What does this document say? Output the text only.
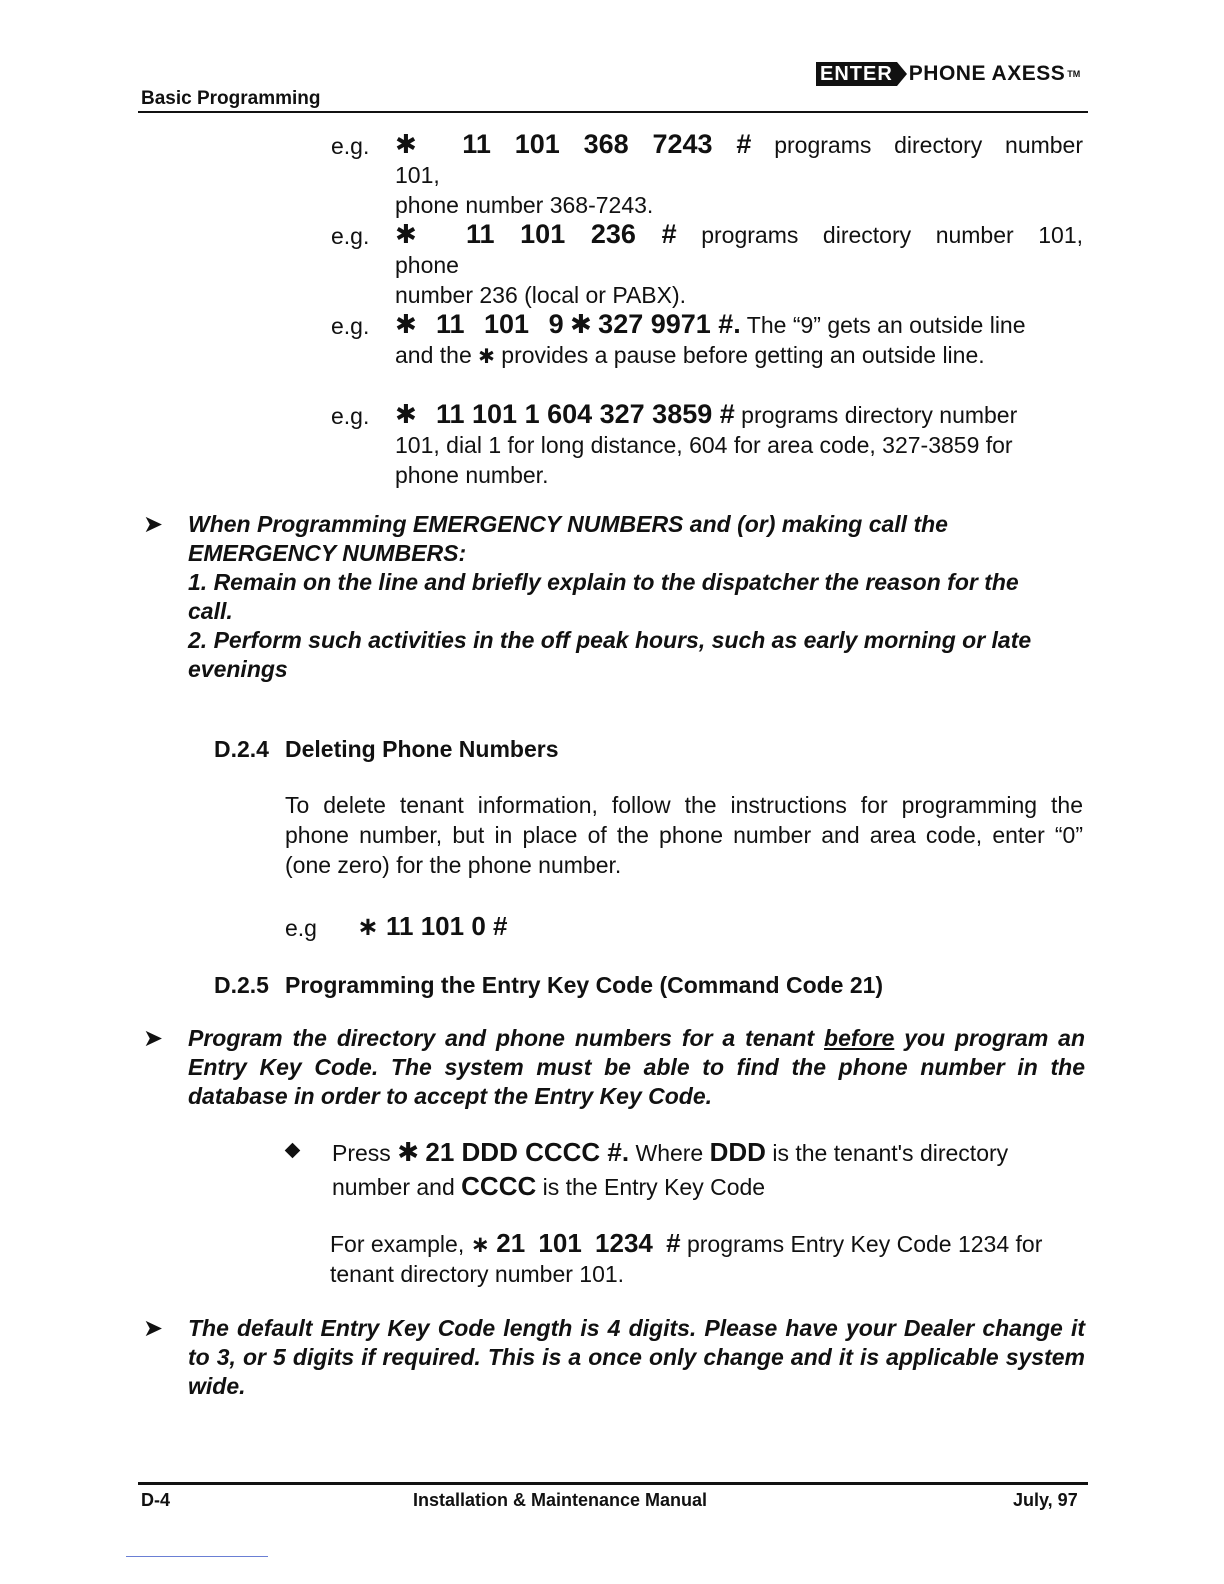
Basic Programming
ENTER PHONE AXESS TM
e.g. ✱ 11 101 368 7243 # programs directory number 101,
phone number 368-7243.
e.g. ✱ 11 101 236 # programs directory number 101, phone
number 236 (local or PABX).
e.g. ✱ 11 101 9 ✱ 327 9971 #. The “9” gets an outside line
and the ✱ provides a pause before getting an outside line.
e.g. ✱ 11 101 1 604 327 3859 # programs directory number
101, dial 1 for long distance, 604 for area code, 327-3859 for
phone number.
➤ When Programming EMERGENCY NUMBERS and (or) making call the

EMERGENCY NUMBERS:

1. Remain on the line and briefly explain to the dispatcher the reason for the

call.

2. Perform such activities in the off peak hours, such as early morning or late

evenings

D.2.4 Deleting Phone Numbers
To delete tenant information, follow the instructions for programming the phone number, but in place of the phone number and area code, enter “0” (one zero) for the phone number.
e.g ∗ 11 101 0 #
D.2.5 Programming the Entry Key Code (Command Code 21)
➤ Program the directory and phone numbers for a tenant before you program an Entry Key Code. The system must be able to find the phone number in the database in order to accept the Entry Key Code.
Press ✱ 21 DDD CCCC #. Where DDD is the tenant's directory
number and CCCC is the Entry Key Code
For example, ∗ 21 101 1234 # programs Entry Key Code 1234 for
tenant directory number 101.
➤ The default Entry Key Code length is 4 digits. Please have your Dealer change it to 3, or 5 digits if required. This is a once only change and it is applicable system wide.
D-4	Installation & Maintenance Manual	July, 97
